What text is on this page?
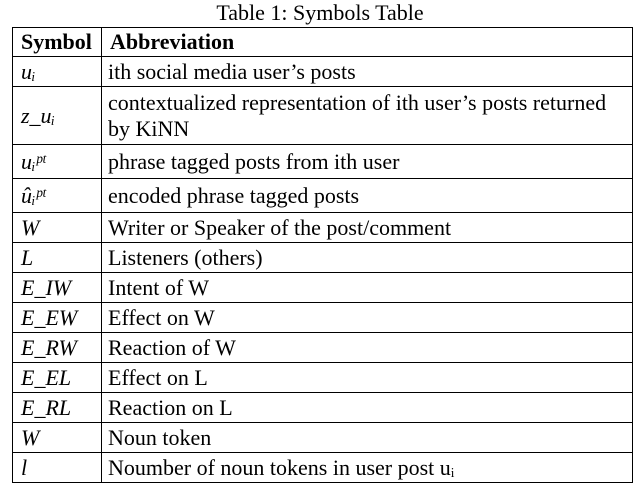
Table 1: Symbols Table
Symbol	Abbreviation
uᵢ	ith social media user’s posts
z_uᵢ	contextualized representation of ith user’s posts returned by KiNN
uᵢᵖᵗ	phrase tagged posts from ith user
ûᵢᵖᵗ	encoded phrase tagged posts
W	Writer or Speaker of the post/comment
L	Listeners (others)
E_IW	Intent of W
E_EW	Effect on W
E_RW	Reaction of W
E_EL	Effect on L
E_RL	Reaction on L
W	Noun token
l	Noumber of noun tokens in user post uᵢ
